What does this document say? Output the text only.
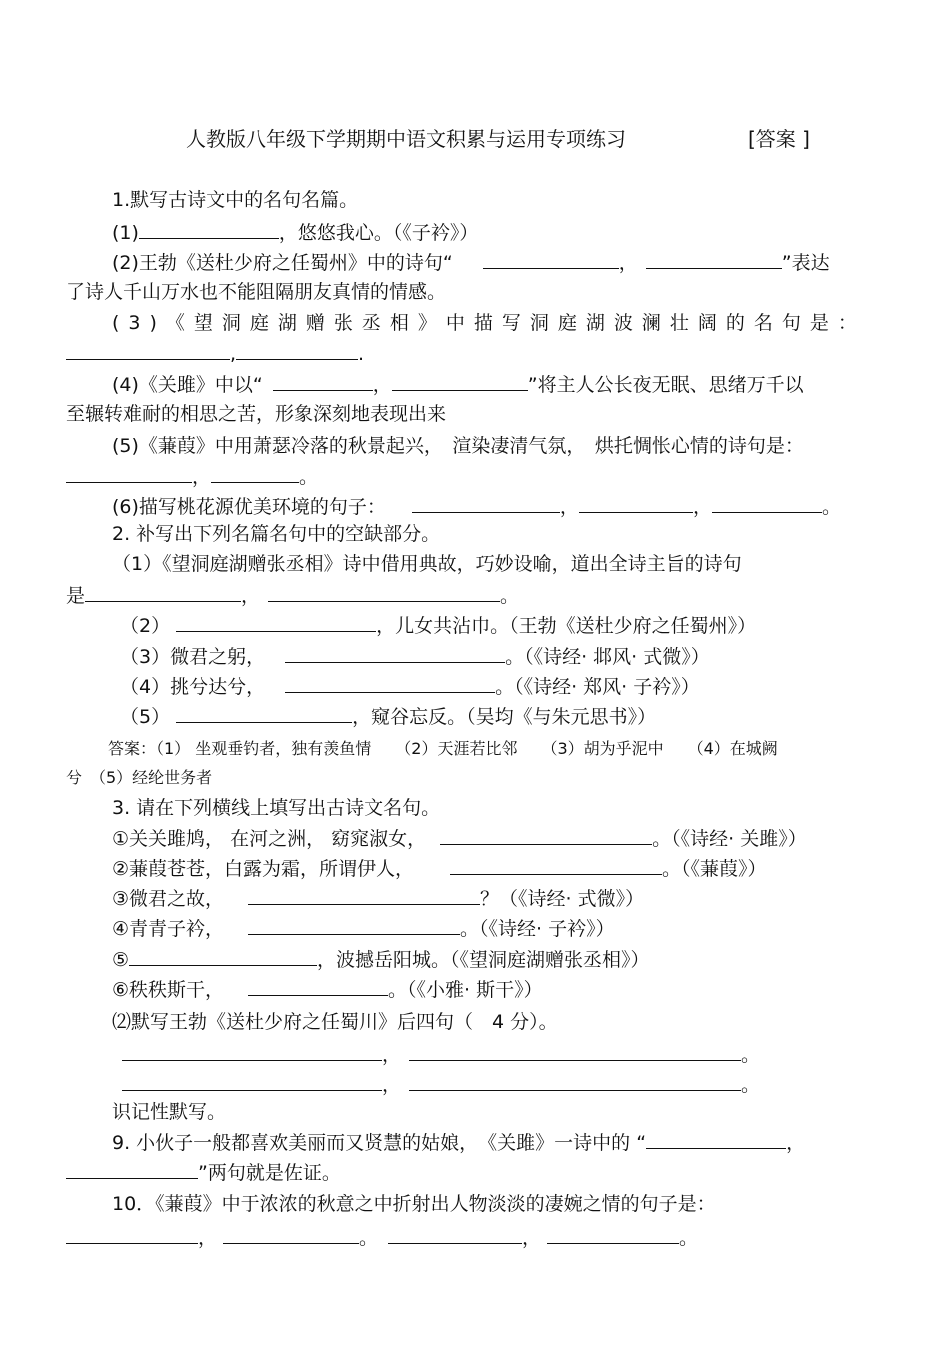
人教版八年级下学期期中语文积累与运用专项练习	[答案 ]
1.默写古诗文中的名句名篇。
(1)	，悠悠我心。（《子衿》）
(2)王勃《送杜少府之任蜀州》中的诗句“	，	”表达
了诗人千山万水也不能阻隔朋友真情的情感。
(3)《望洞庭湖赠张丞相》中描写洞庭湖波澜壮阔的名句是：
,	.
(4)《关雎》中以“	，	”将主人公长夜无眠、思绪万千以
至辗转难耐的相思之苦，形象深刻地表现出来
(5)《蒹葭》中用萧瑟冷落的秋景起兴，　渲染凄清气氛，　烘托惆怅心情的诗句是：
，	。
(6)描写桃花源优美环境的句子：	，	，	。
2. 补写出下列名篇名句中的空缺部分。
（1）《望洞庭湖赠张丞相》诗中借用典故，巧妙设喻，道出全诗主旨的诗句
是	，	。
（2）	，儿女共沾巾。（王勃《送杜少府之任蜀州》）
（3）微君之躬，	。（《诗经· 邶风· 式微》）
（4）挑兮达兮，	。（《诗经· 郑风· 子衿》）
（5）	，窥谷忘反。（吴均《与朱元思书》）
答案：（1） 坐观垂钓者，独有羡鱼情　　（2）天涯若比邻　　（3）胡为乎泥中　　（4）在城阙
兮　（5）经纶世务者
3. 请在下列横线上填写出古诗文名句。
①关关雎鸠， 在河之洲， 窈窕淑女，	。（《诗经· 关雎》）
②蒹葭苍苍，白露为霜，所谓伊人，	。（《蒹葭》）
③微君之故，	？（《诗经· 式微》）
④青青子衿，	。（《诗经· 子衿》）
⑤	，波撼岳阳城。（《望洞庭湖赠张丞相》）
⑥秩秩斯干，	。（《小雅· 斯干》）
⑵默写王勃《送杜少府之任蜀川》后四句（　4 分）。
，	。
，	。
识记性默写。
9. 小伙子一般都喜欢美丽而又贤慧的姑娘，　《关雎》一诗中的 “	，
”两句就是佐证。
10．《蒹葭》中于浓浓的秋意之中折射出人物淡淡的凄婉之情的句子是：
，	。	，	。
